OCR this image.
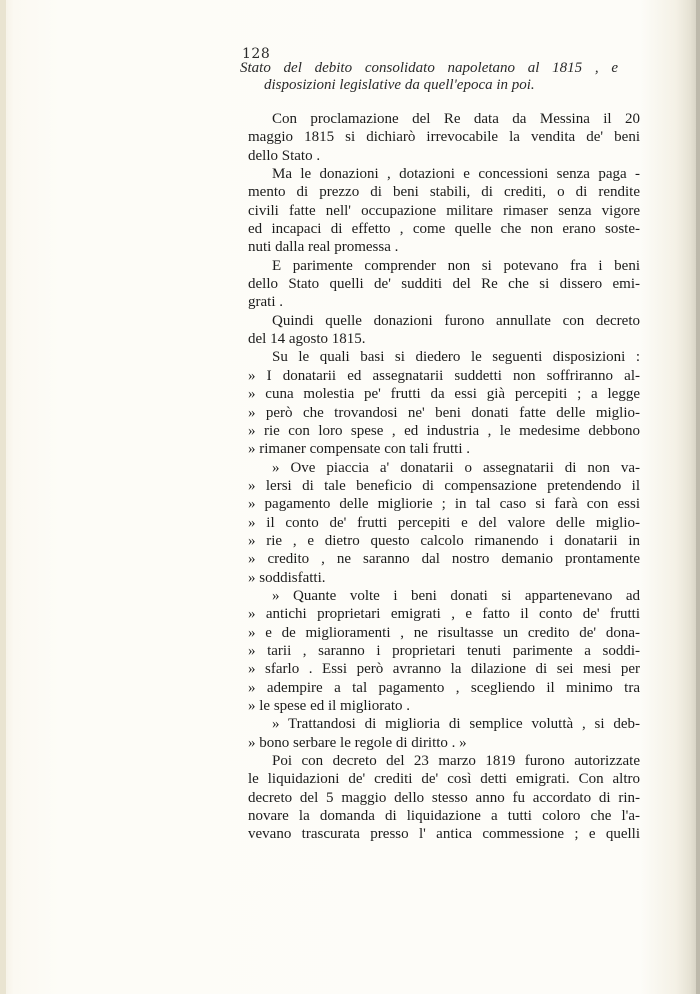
128
Stato del debito consolidato napoletano al 1815 , e
disposizioni legislative da quell'epoca in poi.
Con proclamazione del Re data da Messina il 20
maggio 1815 si dichiarò irrevocabile la vendita de' beni
dello Stato .
Ma le donazioni , dotazioni e concessioni senza paga -
mento di prezzo di beni stabili, di crediti, o di rendite
civili fatte nell' occupazione militare rimaser senza vigore
ed incapaci di effetto , come quelle che non erano soste-
nuti dalla real promessa .
E parimente comprender non si potevano fra i beni
dello Stato quelli de' sudditi del Re che si dissero emi-
grati .
Quindi quelle donazioni furono annullate con decreto
del 14 agosto 1815.
Su le quali basi si diedero le seguenti disposizioni :
» I donatarii ed assegnatarii suddetti non soffriranno al-
» cuna molestia pe' frutti da essi già percepiti ; a legge
» però che trovandosi ne' beni donati fatte delle miglio-
» rie con loro spese , ed industria , le medesime debbono
» rimaner compensate con tali frutti .
» Ove piaccia a' donatarii o assegnatarii di non va-
» lersi di tale beneficio di compensazione pretendendo il
» pagamento delle migliorie ; in tal caso si farà con essi
» il conto de' frutti percepiti e del valore delle miglio-
» rie , e dietro questo calcolo rimanendo i donatarii in
» credito , ne saranno dal nostro demanio prontamente
» soddisfatti.
» Quante volte i beni donati si appartenevano ad
» antichi proprietari emigrati , e fatto il conto de' frutti
» e de miglioramenti , ne risultasse un credito de' dona-
» tarii , saranno i proprietari tenuti parimente a soddi-
» sfarlo . Essi però avranno la dilazione di sei mesi per
» adempire a tal pagamento , scegliendo il minimo tra
» le spese ed il migliorato .
» Trattandosi di miglioria di semplice voluttà , si deb-
» bono serbare le regole di diritto . »
Poi con decreto del 23 marzo 1819 furono autorizzate
le liquidazioni de' crediti de' così detti emigrati. Con altro
decreto del 5 maggio dello stesso anno fu accordato di rin-
novare la domanda di liquidazione a tutti coloro che l'a-
vevano trascurata presso l' antica commessione ; e quelli
